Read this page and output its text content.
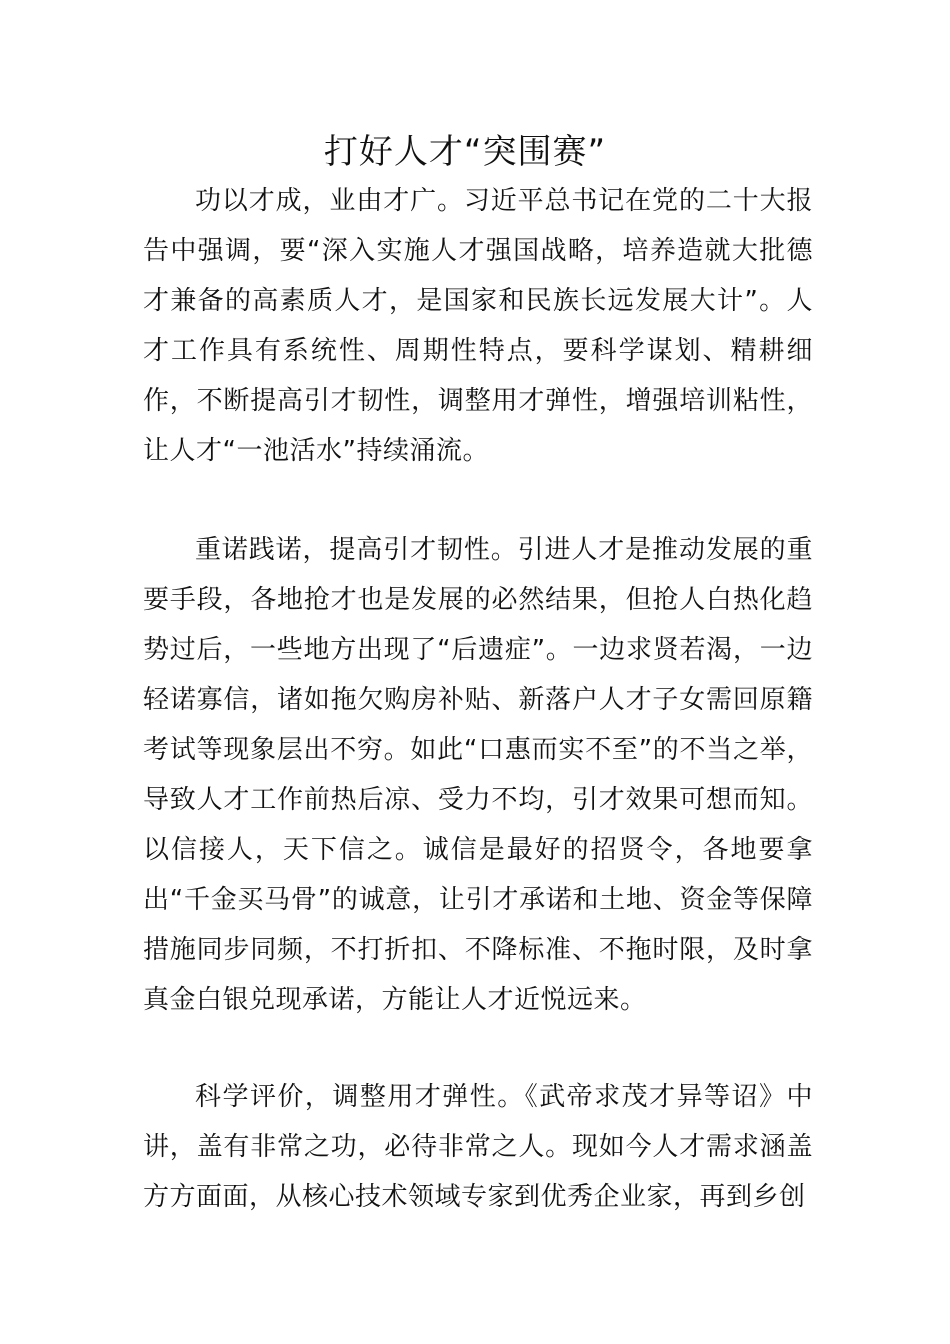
打好人才“突围赛”

功以才成，业由才广。习近平总书记在党的二十大报告中强调，要“深入实施人才强国战略，培养造就大批德才兼备的高素质人才，是国家和民族长远发展大计”。人才工作具有系统性、周期性特点，要科学谋划、精耕细作，不断提高引才韧性，调整用才弹性，增强培训粘性，让人才“一池活水”持续涌流。

重诺践诺，提高引才韧性。引进人才是推动发展的重要手段，各地抢才也是发展的必然结果，但抢人白热化趋势过后，一些地方出现了“后遗症”。一边求贤若渴，一边轻诺寡信，诸如拖欠购房补贴、新落户人才子女需回原籍考试等现象层出不穷。如此“口惠而实不至”的不当之举，导致人才工作前热后凉、受力不均，引才效果可想而知。以信接人，天下信之。诚信是最好的招贤令，各地要拿出“千金买马骨”的诚意，让引才承诺和土地、资金等保障措施同步同频，不打折扣、不降标准、不拖时限，及时拿真金白银兑现承诺，方能让人才近悦远来。

科学评价，调整用才弹性。《武帝求茂才异等诏》中讲，盖有非常之功，必待非常之人。现如今人才需求涵盖方方面面，从核心技术领域专家到优秀企业家，再到乡创
